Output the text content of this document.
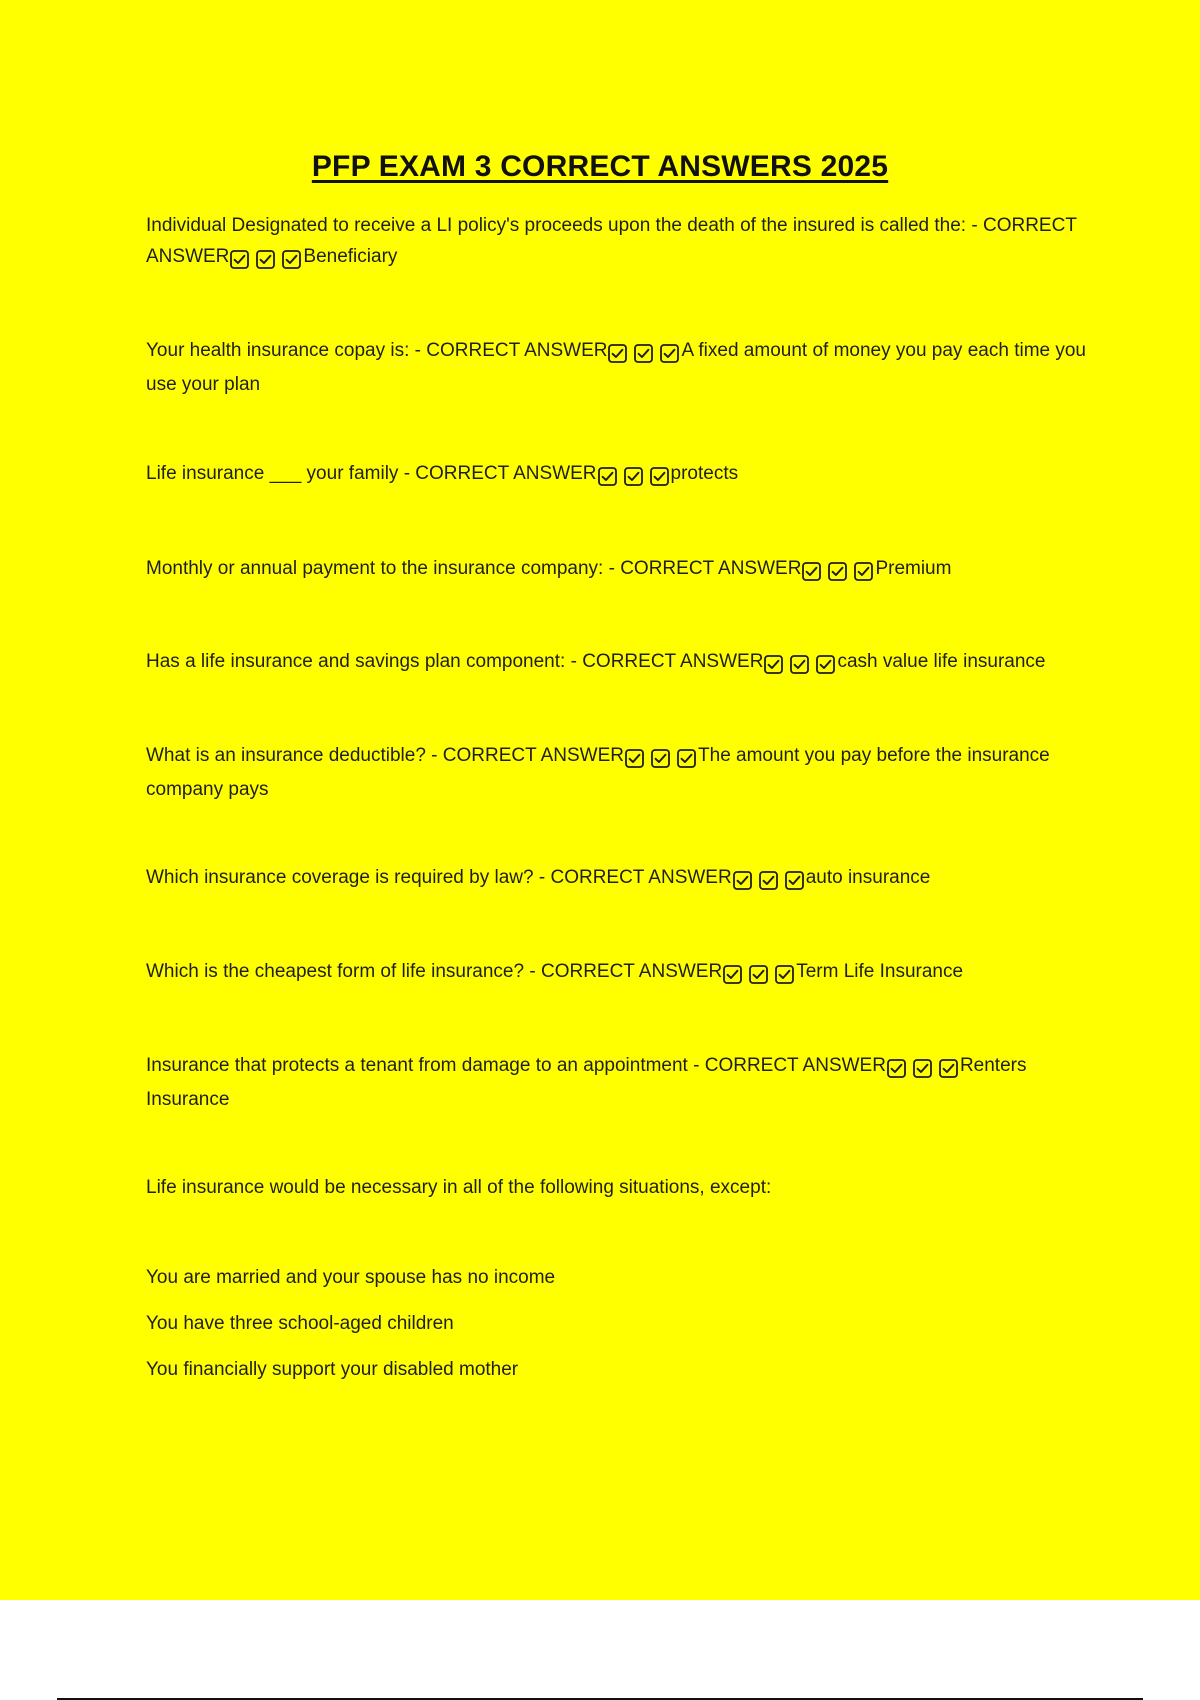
PFP EXAM 3 CORRECT ANSWERS 2025

Individual Designated to receive a LI policy's proceeds upon the death of the insured is called the: - CORRECT ANSWER	Beneficiary

Your health insurance copay is: - CORRECT ANSWER	A fixed amount of money you pay each time you use your plan

Life insurance ___ your family - CORRECT ANSWER	protects

Monthly or annual payment to the insurance company: - CORRECT ANSWER	Premium

Has a life insurance and savings plan component: - CORRECT ANSWER	cash value life insurance

What is an insurance deductible? - CORRECT ANSWER	The amount you pay before the insurance company pays

Which insurance coverage is required by law? - CORRECT ANSWER	auto insurance

Which is the cheapest form of life insurance? - CORRECT ANSWER	Term Life Insurance

Insurance that protects a tenant from damage to an appointment - CORRECT ANSWER	Renters Insurance

Life insurance would be necessary in all of the following situations, except:

You are married and your spouse has no income

You have three school-aged children

You financially support your disabled mother
